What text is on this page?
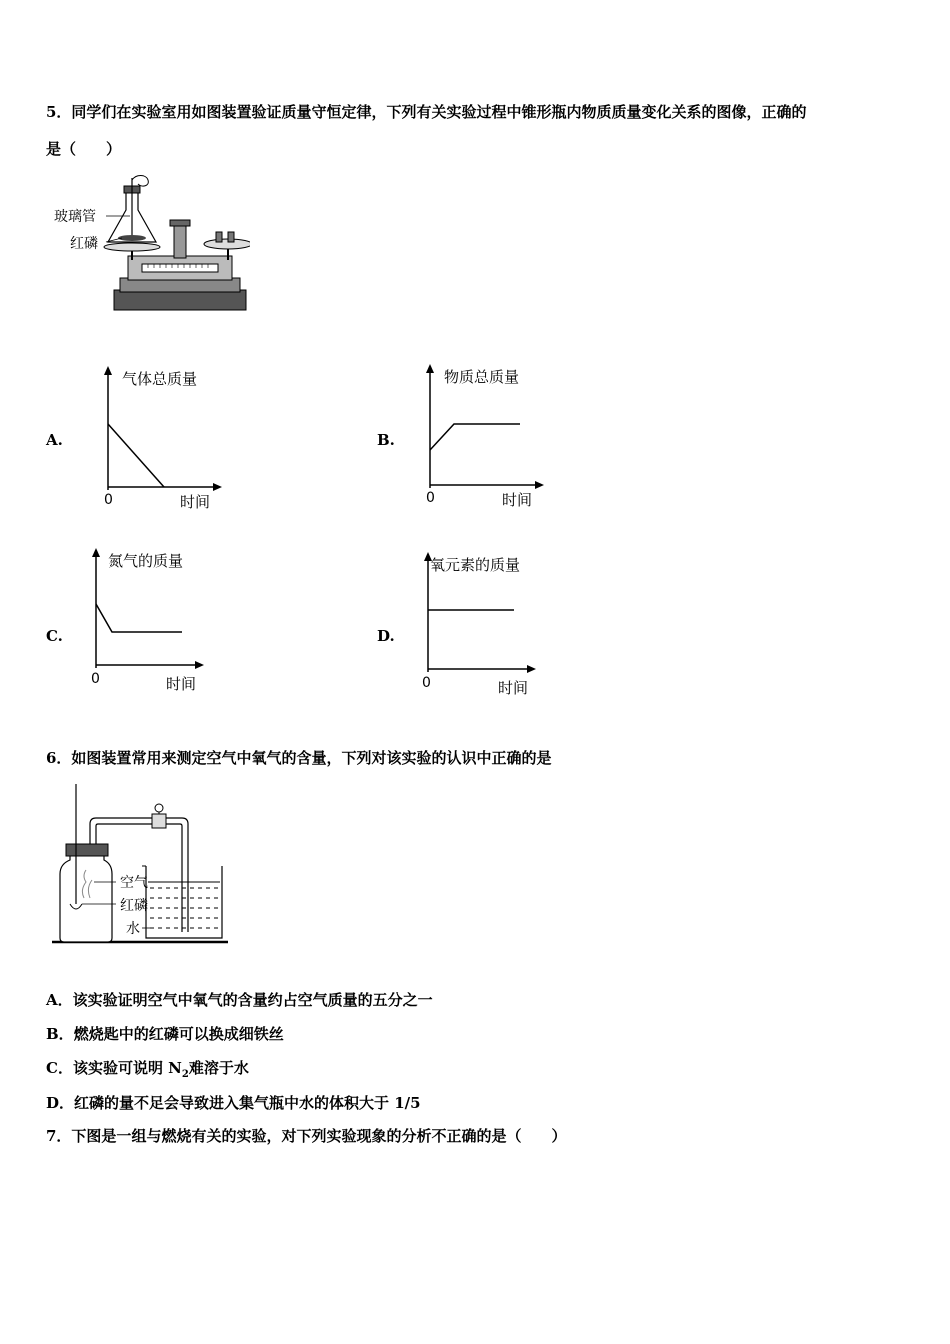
5．同学们在实验室用如图装置验证质量守恒定律，下列有关实验过程中锥形瓶内物质质量变化关系的图像，正确的
是（　　）
玻璃管
红磷
A.
气体总质量
0	时间
B.
物质总质量
0	时间
C.
氮气的质量
0	时间
D.
氧元素的质量
0	时间
6．如图装置常用来测定空气中氧气的含量，下列对该实验的认识中正确的是
空气
红磷
水
A．该实验证明空气中氧气的含量约占空气质量的五分之一
B．燃烧匙中的红磷可以换成细铁丝
C．该实验可说明 $N_2$难溶于水
D．红磷的量不足会导致进入集气瓶中水的体积大于 1/5
7．下图是一组与燃烧有关的实验，对下列实验现象的分析不正确的是（　　）
